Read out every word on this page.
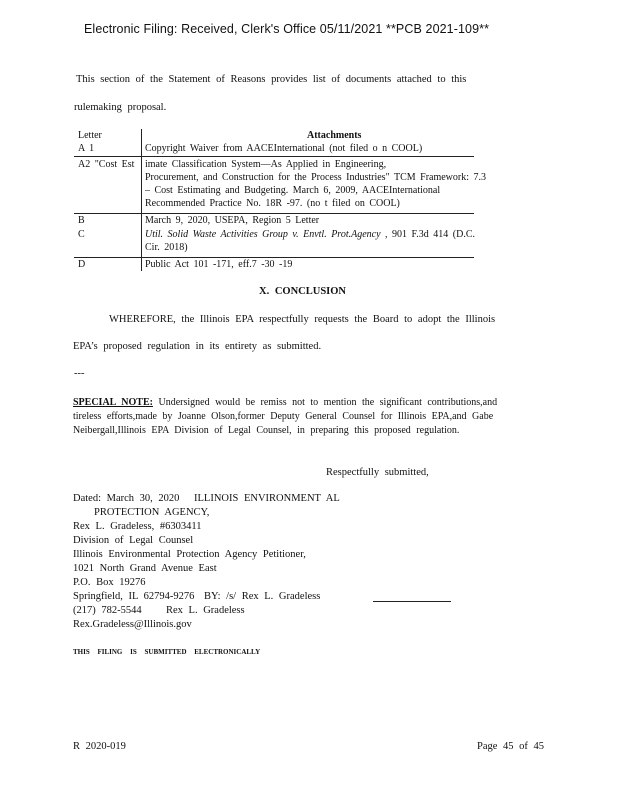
Electronic Filing: Received, Clerk's Office 05/11/2021 **PCB 2021-109**
This section of the Statement of Reasons provides list of documents attached to this
rulemaking proposal.
Letter	Attachments
A 1	Copyright Waiver from AACEInternational (not filed o n COOL)
A2 "Cost Est imate Classification System—As Applied in Engineering,
Procurement, and Construction for the Process Industries" TCM Framework: 7.3
– Cost Estimating and Budgeting. March 6, 2009, AACEInternational
Recommended Practice No. 18R -97. (no t filed on COOL)
B	March 9, 2020, USEPA, Region 5 Letter
C	Util. Solid Waste Activities Group v. Envtl. Prot.Agency , 901 F.3d 414 (D.C.
Cir. 2018)
D	Public Act 101 -171, eff.7 -30 -19
X. CONCLUSION
WHEREFORE, the Illinois EPA respectfully requests the Board to adopt the Illinois
EPA’s proposed regulation in its entirety as submitted.
---
SPECIAL NOTE: Undersigned would be remiss not to mention the significant contributions,and
tireless efforts,made by Joanne Olson,former Deputy General Counsel for Illinois EPA,and Gabe
Neibergall,Illinois EPA Division of Legal Counsel, in preparing this proposed regulation.
Respectfully submitted,
Dated: March 30, 2020 ILLINOIS ENVIRONMENT AL
PROTECTION AGENCY,
Rex L. Gradeless, #6303411
Division of Legal Counsel
Illinois Environmental Protection Agency Petitioner,
1021 North Grand Avenue East
P.O. Box 19276
Springfield, IL 62794-9276 BY: /s/ Rex L. Gradeless
(217) 782-5544 Rex L. Gradeless
Rex.Gradeless@Illinois.gov
THIS FILING IS SUBMITTED ELECTRONICALLY
R 2020-019	Page 45 of 45
